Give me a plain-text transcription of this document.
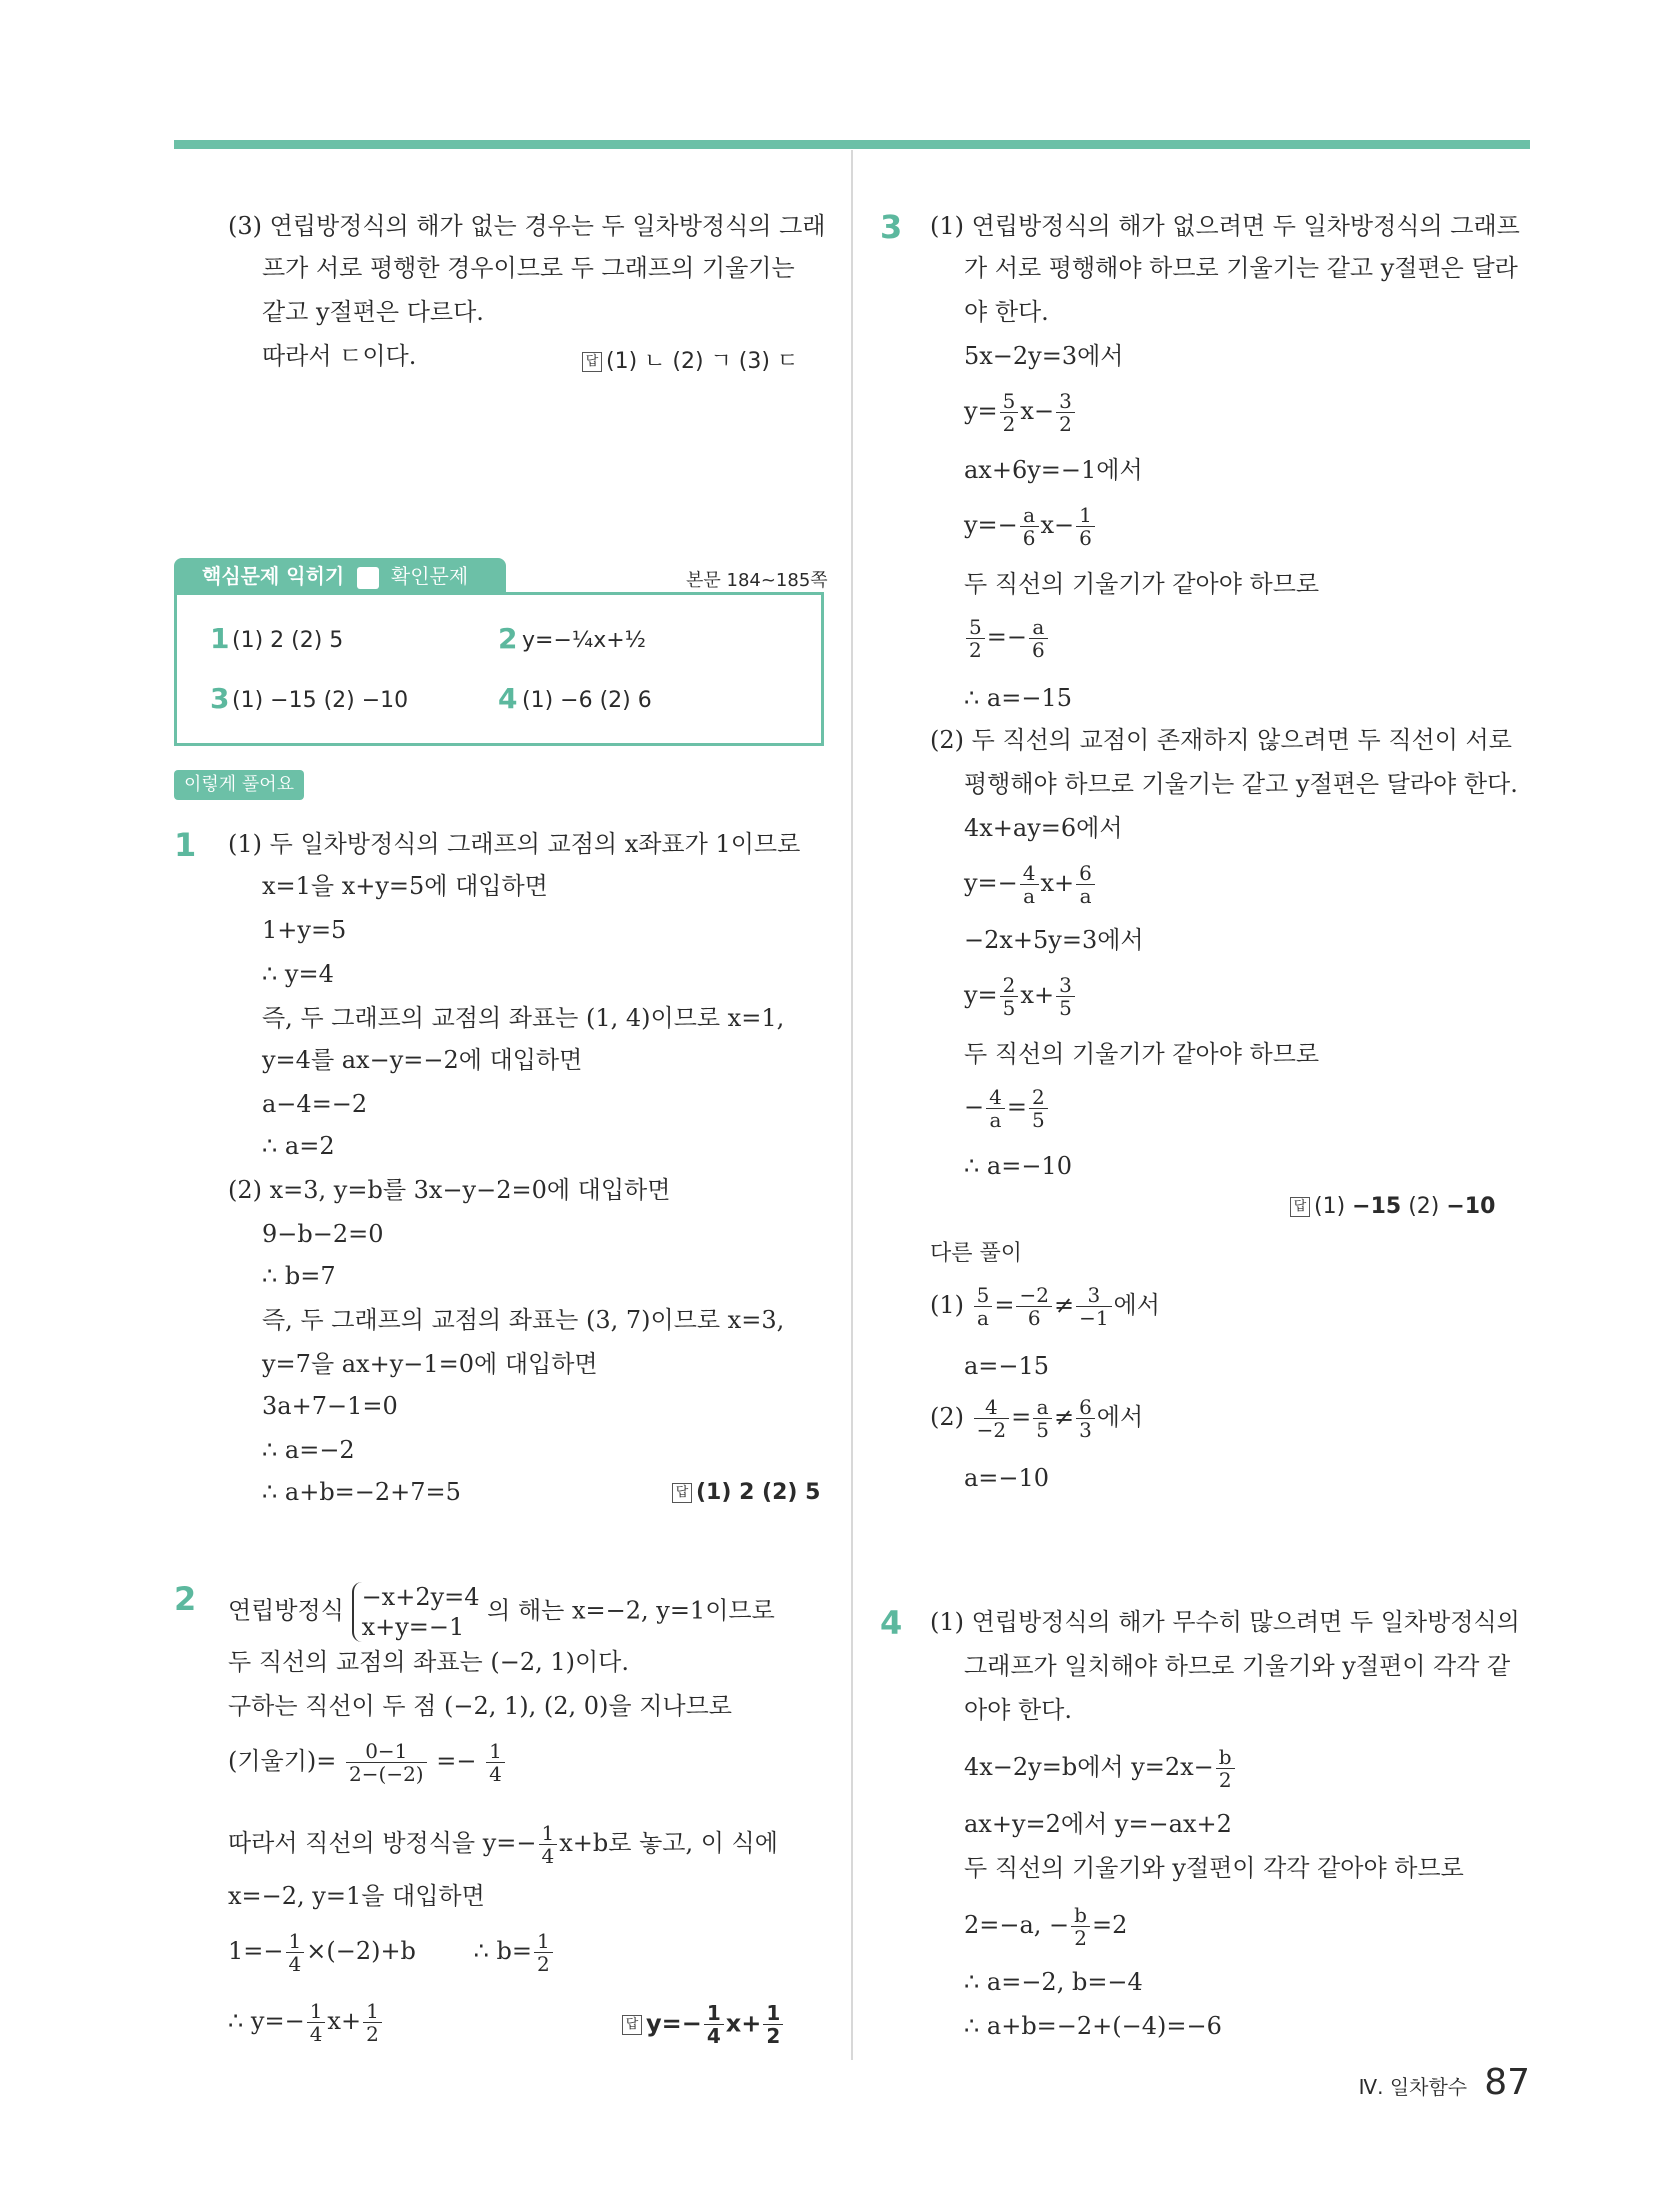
(3) 연립방정식의 해가 없는 경우는 두 일차방정식의 그래
프가 서로 평행한 경우이므로 두 그래프의 기울기는
같고 y절편은 다르다.
따라서 ㄷ이다.	답 (1) ㄴ (2) ㄱ (3) ㄷ
핵심문제 익히기 확인문제	본문 184~185쪽
1 (1) 2 (2) 5	2 y=−¼x+½
3 (1) −15 (2) −10	4 (1) −6 (2) 6
이렇게 풀어요
1 (1) 두 일차방정식의 그래프의 교점의 x좌표가 1이므로
x=1을 x+y=5에 대입하면
1+y=5
∴ y=4
즉, 두 그래프의 교점의 좌표는 (1, 4)이므로 x=1,
y=4를 ax−y=−2에 대입하면
a−4=−2
∴ a=2
(2) x=3, y=b를 3x−y−2=0에 대입하면
9−b−2=0
∴ b=7
즉, 두 그래프의 교점의 좌표는 (3, 7)이므로 x=3,
y=7을 ax+y−1=0에 대입하면
3a+7−1=0
∴ a=−2
∴ a+b=−2+7=5	답 (1) 2 (2) 5
2 연립방정식 −x+2y=4
x+y=−1
의 해는 x=−2, y=1이므로
두 직선의 교점의 좌표는 (−2, 1)이다.
구하는 직선이 두 점 (−2, 1), (2, 0)을 지나므로
(기울기)= $\frac{0-1}{2-(-2)} =- \frac{1}{4}$
따라서 직선의 방정식을 $y=- \frac{1}{4} x+b$로 놓고, 이 식에
x=−2, y=1을 대입하면
$1=- \frac{1}{4} \times(-2)+b$ ∴ $b= \frac{1}{2}$
∴ $y=- \frac{1}{4} x+ \frac{1}{2}$	답 $y=- \frac{1}{4} x+ \frac{1}{2}$
3 (1) 연립방정식의 해가 없으려면 두 일차방정식의 그래프
가 서로 평행해야 하므로 기울기는 같고 y절편은 달라
야 한다.
5x−2y=3에서
$y= \frac{5}{2} x- \frac{3}{2}$
ax+6y=−1에서
$y=- \frac{a}{6} x- \frac{1}{6}$
두 직선의 기울기가 같아야 하므로
$\frac{5}{2} =- \frac{a}{6}$
∴ a=−15
(2) 두 직선의 교점이 존재하지 않으려면 두 직선이 서로
평행해야 하므로 기울기는 같고 y절편은 달라야 한다.
4x+ay=6에서
$y=- \frac{4}{a} x+ \frac{6}{a}$
−2x+5y=3에서
$y= \frac{2}{5} x+ \frac{3}{5}$
두 직선의 기울기가 같아야 하므로
− $\frac{4}{a} = \frac{2}{5}$
∴ a=−10
답 (1) −15 (2) −10
다른 풀이
$(1) \frac{5}{a} = \frac{-2}{6} \ne \frac{3}{-1}$ 에서
a=−15
$(2) \frac{4}{-2} = \frac{a}{5} \ne \frac{6}{3}$ 에서
a=−10
4 (1) 연립방정식의 해가 무수히 많으려면 두 일차방정식의
그래프가 일치해야 하므로 기울기와 y절편이 각각 같
아야 한다.
4x−2y=b에서 $y=2x- \frac{b}{2}$
ax+y=2에서 y=−ax+2
두 직선의 기울기와 y절편이 각각 같아야 하므로
2=−a, − $\frac{b}{2} =2$
∴ a=−2, b=−4
∴ a+b=−2+(−4)=−6
Ⅳ. 일차함수 87
